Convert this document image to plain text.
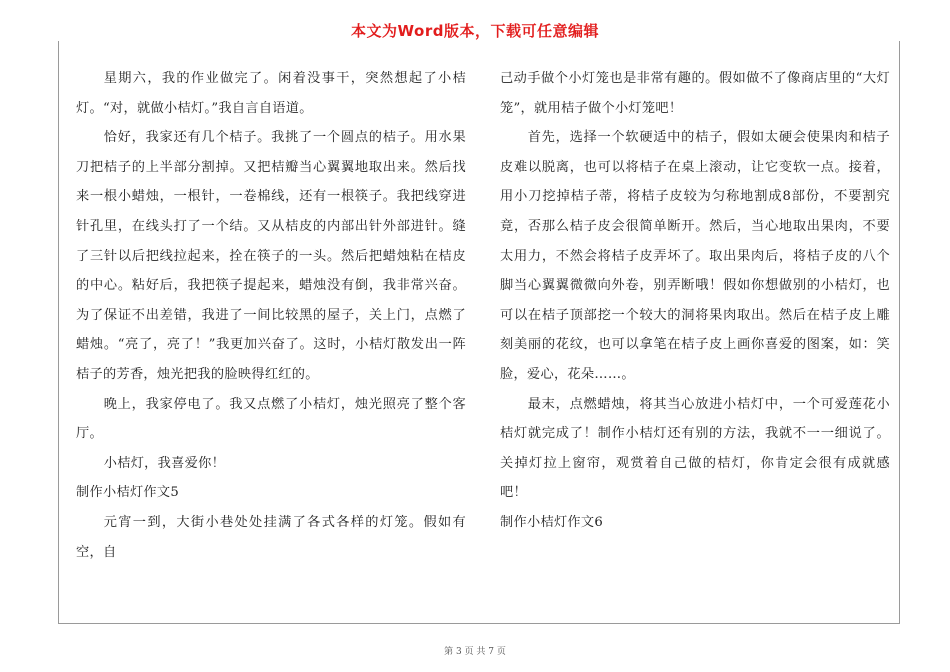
本文为Word版本，下载可任意编辑

星期六，我的作业做完了。闲着没事干，突然想起了小桔灯。“对，就做小桔灯。”我自言自语道。

恰好，我家还有几个桔子。我挑了一个圆点的桔子。用水果刀把桔子的上半部分割掉。又把桔瓣当心翼翼地取出来。然后找来一根小蜡烛，一根针，一卷棉线，还有一根筷子。我把线穿进针孔里，在线头打了一个结。又从桔皮的内部出针外部进针。缝了三针以后把线拉起来，拴在筷子的一头。然后把蜡烛粘在桔皮的中心。粘好后，我把筷子提起来，蜡烛没有倒，我非常兴奋。为了保证不出差错，我进了一间比较黑的屋子，关上门，点燃了蜡烛。“亮了，亮了！”我更加兴奋了。这时，小桔灯散发出一阵桔子的芳香，烛光把我的脸映得红红的。

晚上，我家停电了。我又点燃了小桔灯，烛光照亮了整个客厅。

小桔灯，我喜爱你！

制作小桔灯作文5

元宵一到，大街小巷处处挂满了各式各样的灯笼。假如有空，自

己动手做个小灯笼也是非常有趣的。假如做不了像商店里的“大灯笼”，就用桔子做个小灯笼吧！

首先，选择一个软硬适中的桔子，假如太硬会使果肉和桔子皮难以脱离，也可以将桔子在桌上滚动，让它变软一点。接着，用小刀挖掉桔子蒂，将桔子皮较为匀称地割成8部份，不要割究竟，否那么桔子皮会很简单断开。然后，当心地取出果肉，不要太用力，不然会将桔子皮弄坏了。取出果肉后，将桔子皮的八个脚当心翼翼微微向外卷，别弄断哦！假如你想做别的小桔灯，也可以在桔子顶部挖一个较大的洞将果肉取出。然后在桔子皮上雕刻美丽的花纹，也可以拿笔在桔子皮上画你喜爱的图案，如：笑脸，爱心，花朵……。

最末，点燃蜡烛，将其当心放进小桔灯中，一个可爱莲花小桔灯就完成了！制作小桔灯还有别的方法，我就不一一细说了。关掉灯拉上窗帘，观赏着自己做的桔灯，你肯定会很有成就感吧！

制作小桔灯作文6

第 3 页 共 7 页
